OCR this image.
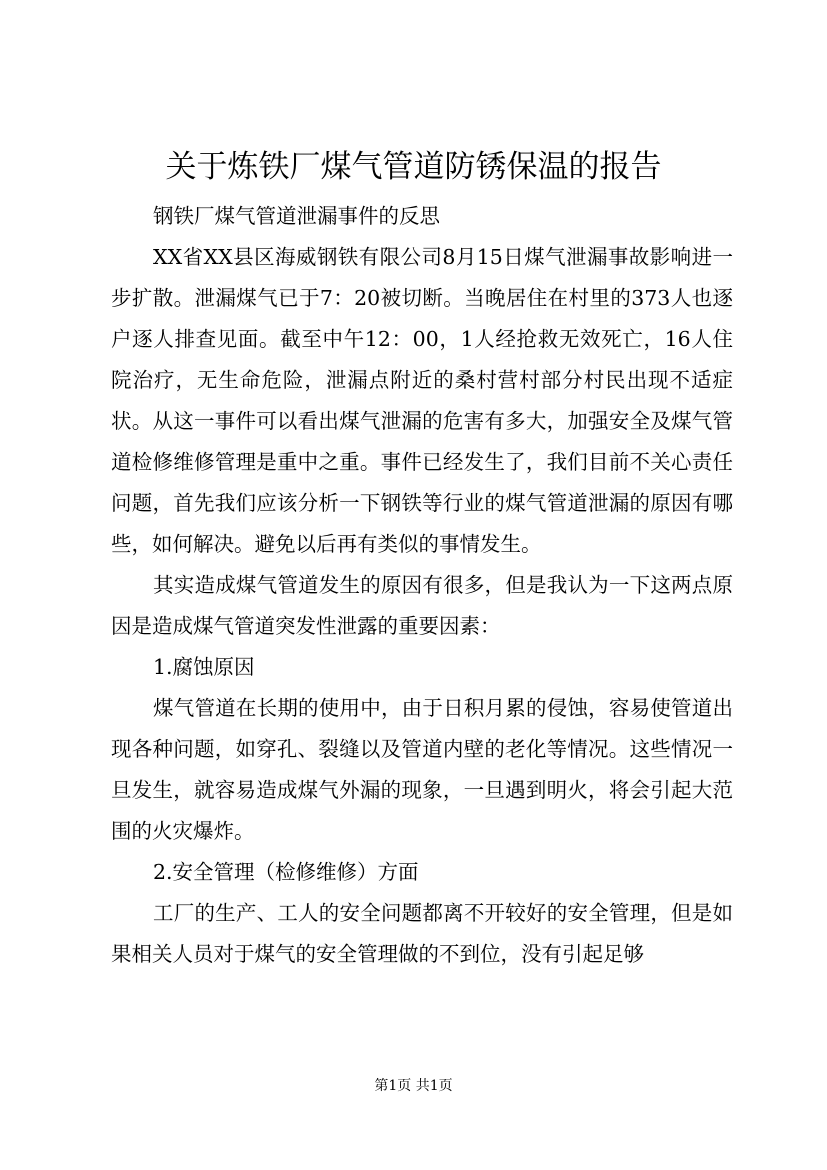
关于炼铁厂煤气管道防锈保温的报告

钢铁厂煤气管道泄漏事件的反思

XX省XX县区海威钢铁有限公司8月15日煤气泄漏事故影响进一步扩散。泄漏煤气已于7：20被切断。当晚居住在村里的373人也逐户逐人排查见面。截至中午12：00，1人经抢救无效死亡，16人住院治疗，无生命危险，泄漏点附近的桑村营村部分村民出现不适症状。从这一事件可以看出煤气泄漏的危害有多大，加强安全及煤气管道检修维修管理是重中之重。事件已经发生了，我们目前不关心责任问题，首先我们应该分析一下钢铁等行业的煤气管道泄漏的原因有哪些，如何解决。避免以后再有类似的事情发生。

其实造成煤气管道发生的原因有很多，但是我认为一下这两点原因是造成煤气管道突发性泄露的重要因素：

1.腐蚀原因

煤气管道在长期的使用中，由于日积月累的侵蚀，容易使管道出现各种问题，如穿孔、裂缝以及管道内壁的老化等情况。这些情况一旦发生，就容易造成煤气外漏的现象，一旦遇到明火，将会引起大范围的火灾爆炸。

2.安全管理（检修维修）方面

工厂的生产、工人的安全问题都离不开较好的安全管理，但是如果相关人员对于煤气的安全管理做的不到位，没有引起足够

第1页 共1页
